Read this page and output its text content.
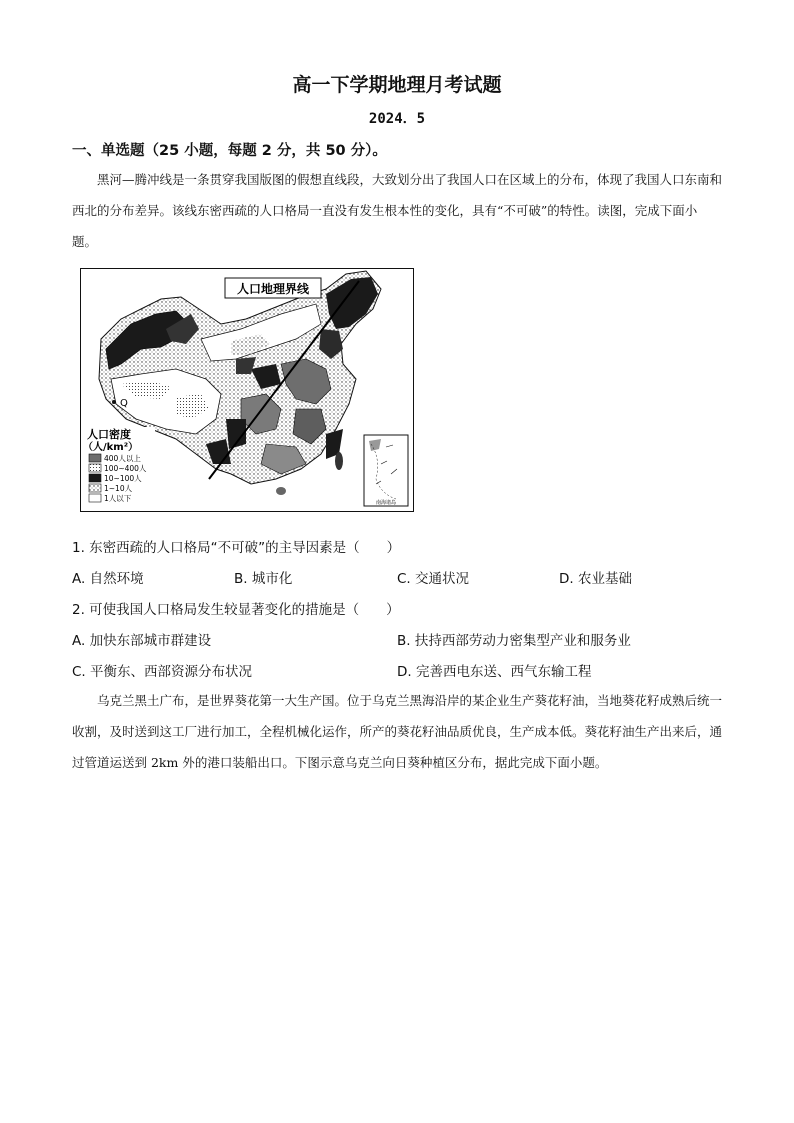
高一下学期地理月考试题
2024．5
一、单选题（25 小题，每题 2 分，共 50 分）。
黑河—腾冲线是一条贯穿我国版图的假想直线段，大致划分出了我国人口在区域上的分布，体现了我国人口东南和西北的分布差异。该线东密西疏的人口格局一直没有发生根本性的变化，具有“不可破”的特性。读图，完成下面小题。
人口地理界线
Q
人口密度
（人/km²）
400人以上
100~400人
10~100人
1~10人
1人以下	南海诸岛
1. 东密西疏的人口格局“不可破”的主导因素是（　　）
A. 自然环境	B. 城市化	C. 交通状况	D. 农业基础
2. 可使我国人口格局发生较显著变化的措施是（　　）
A. 加快东部城市群建设	B. 扶持西部劳动力密集型产业和服务业
C. 平衡东、西部资源分布状况	D. 完善西电东送、西气东输工程
乌克兰黑土广布，是世界葵花第一大生产国。位于乌克兰黑海沿岸的某企业生产葵花籽油，当地葵花籽成熟后统一收割，及时送到这工厂进行加工，全程机械化运作，所产的葵花籽油品质优良，生产成本低。葵花籽油生产出来后，通过管道运送到 2km 外的港口装船出口。下图示意乌克兰向日葵种植区分布，据此完成下面小题。
